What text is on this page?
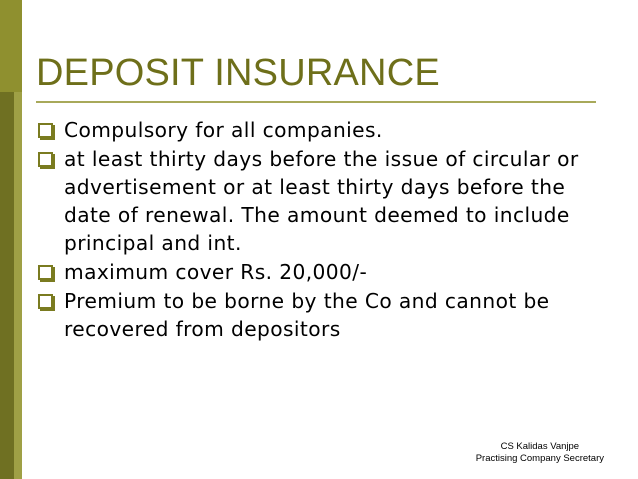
DEPOSIT INSURANCE
Compulsory for all companies.
at least thirty days before the issue of circular or advertisement or at least thirty days before the date of renewal. The amount deemed to include principal and int.
maximum cover Rs. 20,000/-
Premium to be borne by the Co and cannot be recovered from depositors
CS Kalidas Vanjpe
Practising Company Secretary
